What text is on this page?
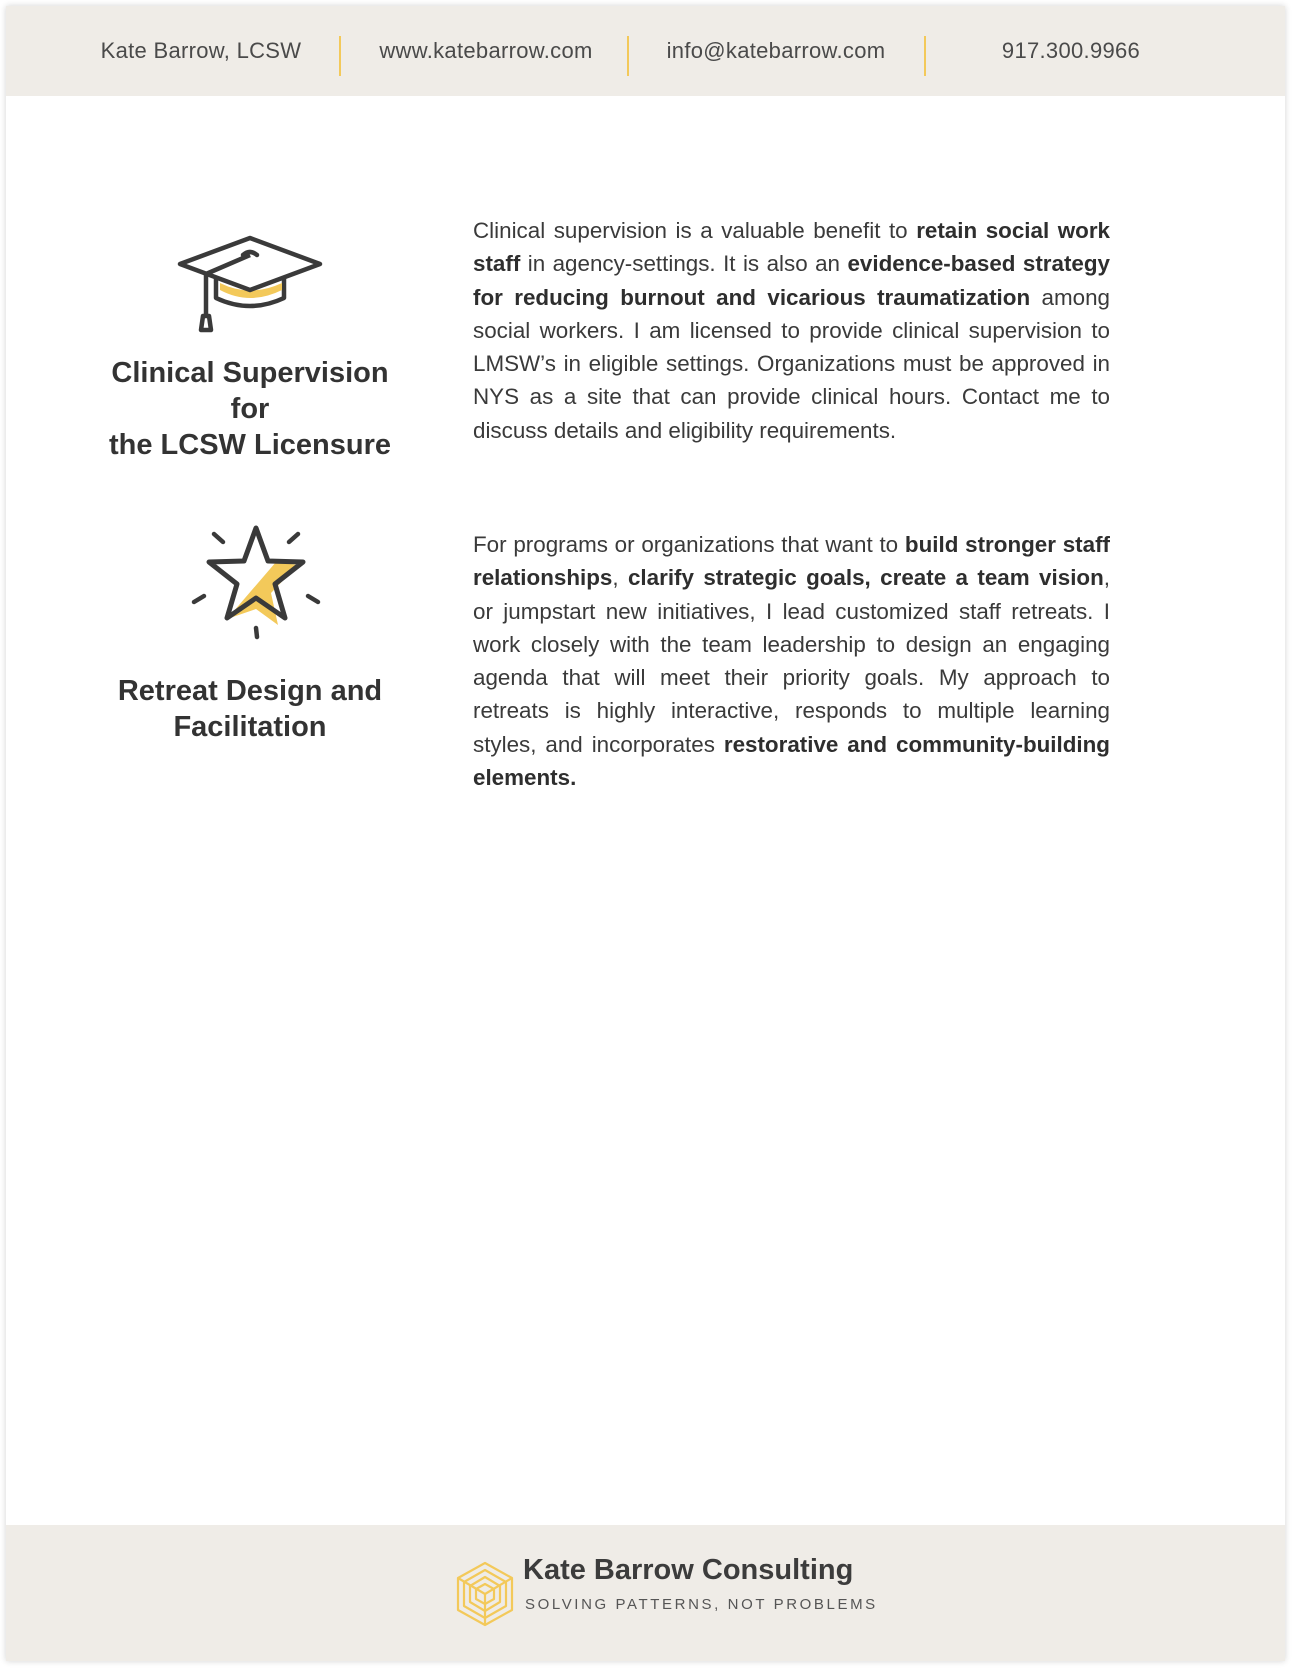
Kate Barrow, LCSW	www.katebarrow.com	info@katebarrow.com	917.300.9966
Clinical Supervision for
the LCSW Licensure
Clinical supervision is a valuable benefit to retain social work staff in agency-settings. It is also an evidence-based strategy for reducing burnout and vicarious traumatization among social workers. I am licensed to provide clinical supervision to LMSW’s in eligible settings. Organizations must be approved in NYS as a site that can provide clinical hours. Contact me to discuss details and eligibility requirements.
Retreat Design and
Facilitation
For programs or organizations that want to build stronger staff relationships, clarify strategic goals, create a team vision, or jumpstart new initiatives, I lead customized staff retreats. I work closely with the team leadership to design an engaging agenda that will meet their priority goals. My approach to retreats is highly interactive, responds to multiple learning styles, and incorporates restorative and community-building elements.
Kate Barrow Consulting
SOLVING PATTERNS, NOT PROBLEMS
